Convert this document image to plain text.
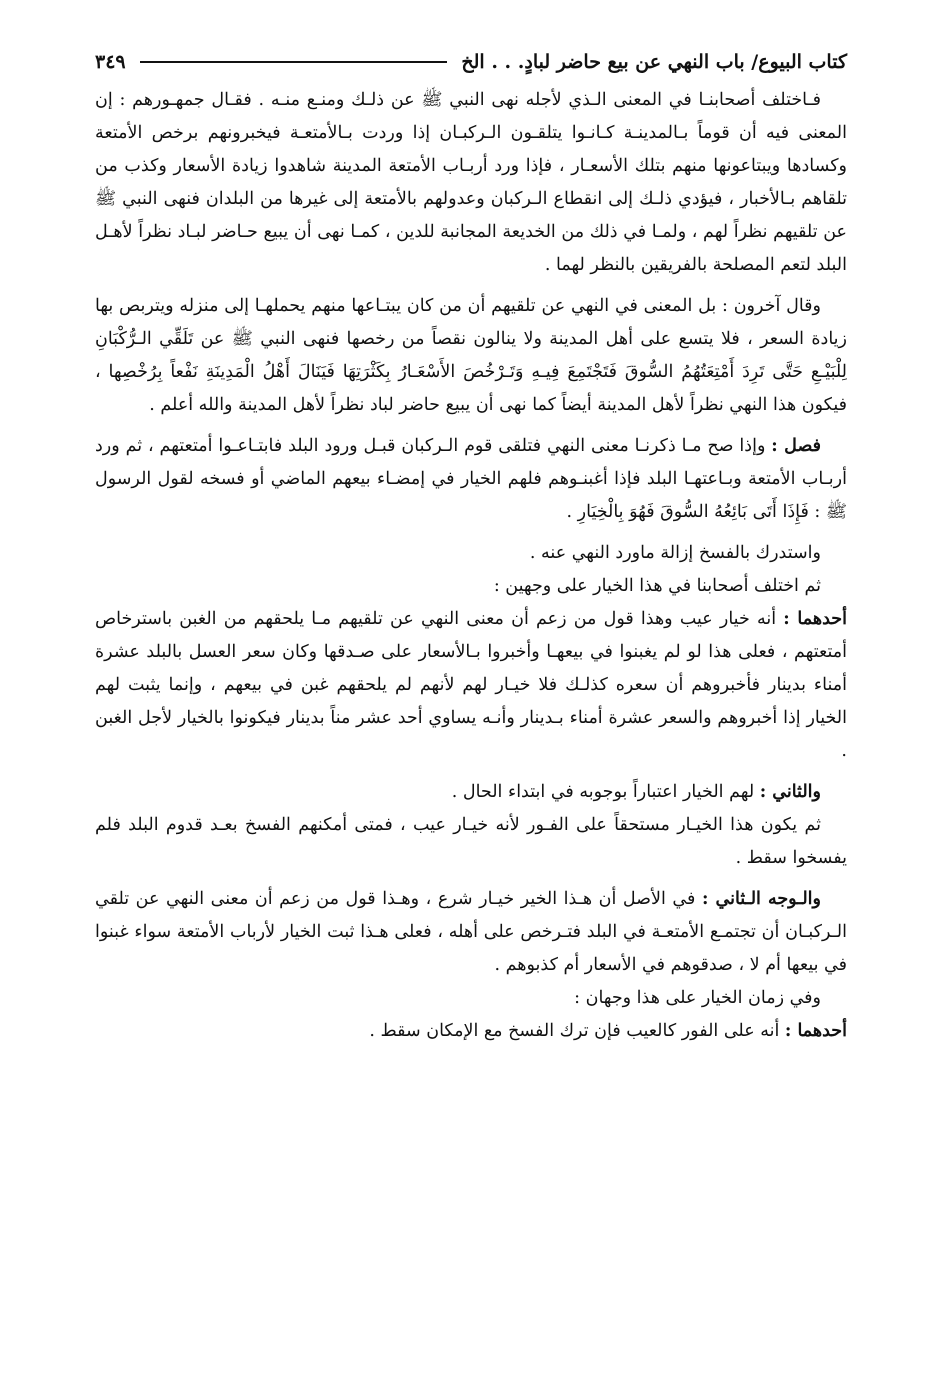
كتاب البيوع/ باب النهي عن بيع حاضر لبادٍ. . . الخ
٣٤٩

فـاختلف أصحابنـا في المعنى الـذي لأجله نهى النبي ﷺ عن ذلـك ومنـع منـه . فقـال جمهـورهم : إن المعنى فيه أن قوماً بـالمدينـة كـانـوا يتلقـون الـركبـان إذا وردت بـالأمتعـة فيخبرونهم برخص الأمتعة وكسادها ويبتاعونها منهم بتلك الأسعـار ، فإذا ورد أربـاب الأمتعة المدينة شاهدوا زيادة الأسعار وكذب من تلقاهم بـالأخبار ، فيؤدي ذلـك إلى انقطاع الـركبان وعدولهم بالأمتعة إلى غيرها من البلدان فنهى النبي ﷺ عن تلقيهم نظراً لهم ، ولمـا في ذلك من الخديعة المجانبة للدين ، كمـا نهى أن يبيع حـاضر لبـاد نظراً لأهـل البلد لتعم المصلحة بالفريقين بالنظر لهما .

وقال آخرون : بل المعنى في النهي عن تلقيهم أن من كان يبتـاعها منهم يحملهـا إلى منزله ويتربص بها زيادة السعر ، فلا يتسع على أهل المدينة ولا ينالون نقصاً من رخصها فنهى النبي ﷺ عن تَلَقِّي الـرُّكْبَانِ لِلْبَيْـعِ حَتَّى تَرِدَ أَمْتِعَتُهُمُ السُّوقَ فَتَجْتَمِعَ فِيـهِ وَتَـرْخُصَ الأَسْعَـارُ بِكَثْرَتِهَا فَيَنَالَ أَهْلُ الْمَدِينَةِ نَفْعاً بِرُخْصِها ، فيكون هذا النهي نظراً لأهل المدينة أيضاً كما نهى أن يبيع حاضر لباد نظراً لأهل المدينة والله أعلم .

فصل : وإذا صح مـا ذكرنـا معنى النهي فتلقى قوم الـركبان قبـل ورود البلد فابتـاعـوا أمتعتهم ، ثم ورد أربـاب الأمتعة وبـاعتهـا البلد فإذا أغبنـوهم فلهم الخيار في إمضـاء بيعهم الماضي أو فسخه لقول الرسول ﷺ : فَإِذَا أَتَى بَائِعُهُ السُّوقَ فَهُوَ بِالْخِيَارِ .

واستدرك بالفسخ إزالة ماورد النهي عنه .

ثم اختلف أصحابنا في هذا الخيار على وجهين :

أحدهما : أنه خيار عيب وهذا قول من زعم أن معنى النهي عن تلقيهم مـا يلحقهم من الغبن باسترخاص أمتعتهم ، فعلى هذا لو لم يغبنوا في بيعهـا وأخبروا بـالأسعار على صـدقها وكان سعر العسل بالبلد عشرة أمناء بدينار فأخبروهم أن سعره كذلـك فلا خيـار لهم لأنهم لم يلحقهم غبن في بيعهم ، وإنما يثبت لهم الخيار إذا أخبروهم والسعر عشرة أمناء بـدينار وأنـه يساوي أحد عشر مناً بدينار فيكونوا بالخيار لأجل الغبن .

والثاني : لهم الخيار اعتباراً بوجوبه في ابتداء الحال .

ثم يكون هذا الخيـار مستحقاً على الفـور لأنه خيـار عيب ، فمتى أمكنهم الفسخ بعـد قدوم البلد فلم يفسخوا سقط .

والـوجه الـثاني : في الأصل أن هـذا الخير خيـار شرع ، وهـذا قول من زعم أن معنى النهي عن تلقي الـركبـان أن تجتمـع الأمتعـة في البلد فتـرخص على أهله ، فعلى هـذا ثبت الخيار لأرباب الأمتعة سواء غبنوا في بيعها أم لا ، صدقوهم في الأسعار أم كذبوهم .

وفي زمان الخيار على هذا وجهان :

أحدهما : أنه على الفور كالعيب فإن ترك الفسخ مع الإمكان سقط .
